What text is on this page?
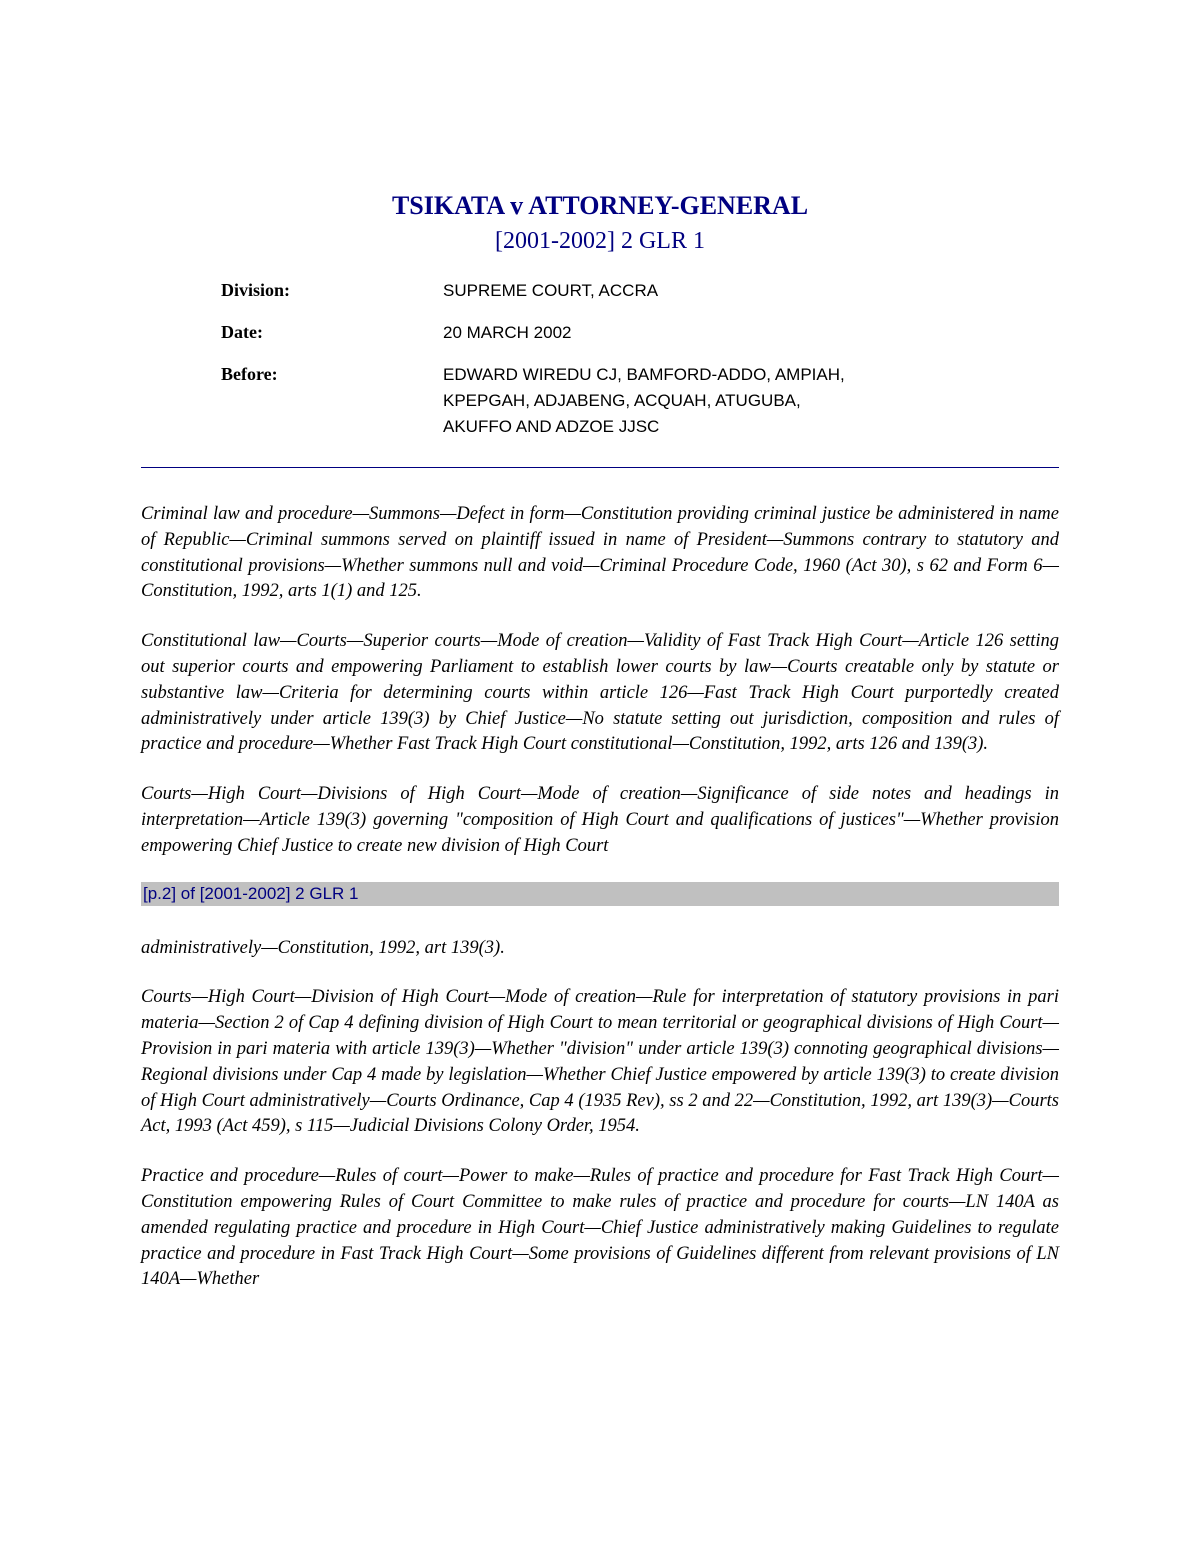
TSIKATA v ATTORNEY-GENERAL
[2001-2002] 2 GLR 1
Division:	SUPREME COURT, ACCRA
Date:	20 MARCH 2002
Before:	EDWARD WIREDU CJ, BAMFORD-ADDO, AMPIAH,
KPEPGAH, ADJABENG, ACQUAH, ATUGUBA,
AKUFFO AND ADZOE JJSC

Criminal law and procedure—Summons—Defect in form—Constitution providing criminal justice be administered in name of Republic—Criminal summons served on plaintiff issued in name of President—Summons contrary to statutory and constitutional provisions—Whether summons null and void—Criminal Procedure Code, 1960 (Act 30), s 62 and Form 6—Constitution, 1992, arts 1(1) and 125.

Constitutional law—Courts—Superior courts—Mode of creation—Validity of Fast Track High Court—Article 126 setting out superior courts and empowering Parliament to establish lower courts by law—Courts creatable only by statute or substantive law—Criteria for determining courts within article 126—Fast Track High Court purportedly created administratively under article 139(3) by Chief Justice—No statute setting out jurisdiction, composition and rules of practice and procedure—Whether Fast Track High Court constitutional—Constitution, 1992, arts 126 and 139(3).

Courts—High Court—Divisions of High Court—Mode of creation—Significance of side notes and headings in interpretation—Article 139(3) governing "composition of High Court and qualifications of justices"—Whether provision empowering Chief Justice to create new division of High Court

[p.2] of [2001-2002] 2 GLR 1

administratively—Constitution, 1992, art 139(3).

Courts—High Court—Division of High Court—Mode of creation—Rule for interpretation of statutory provisions in pari materia—Section 2 of Cap 4 defining division of High Court to mean territorial or geographical divisions of High Court—Provision in pari materia with article 139(3)—Whether "division" under article 139(3) connoting geographical divisions—Regional divisions under Cap 4 made by legislation—Whether Chief Justice empowered by article 139(3) to create division of High Court administratively—Courts Ordinance, Cap 4 (1935 Rev), ss 2 and 22—Constitution, 1992, art 139(3)—Courts Act, 1993 (Act 459), s 115—Judicial Divisions Colony Order, 1954.

Practice and procedure—Rules of court—Power to make—Rules of practice and procedure for Fast Track High Court—Constitution empowering Rules of Court Committee to make rules of practice and procedure for courts—LN 140A as amended regulating practice and procedure in High Court—Chief Justice administratively making Guidelines to regulate practice and procedure in Fast Track High Court—Some provisions of Guidelines different from relevant provisions of LN 140A—Whether
